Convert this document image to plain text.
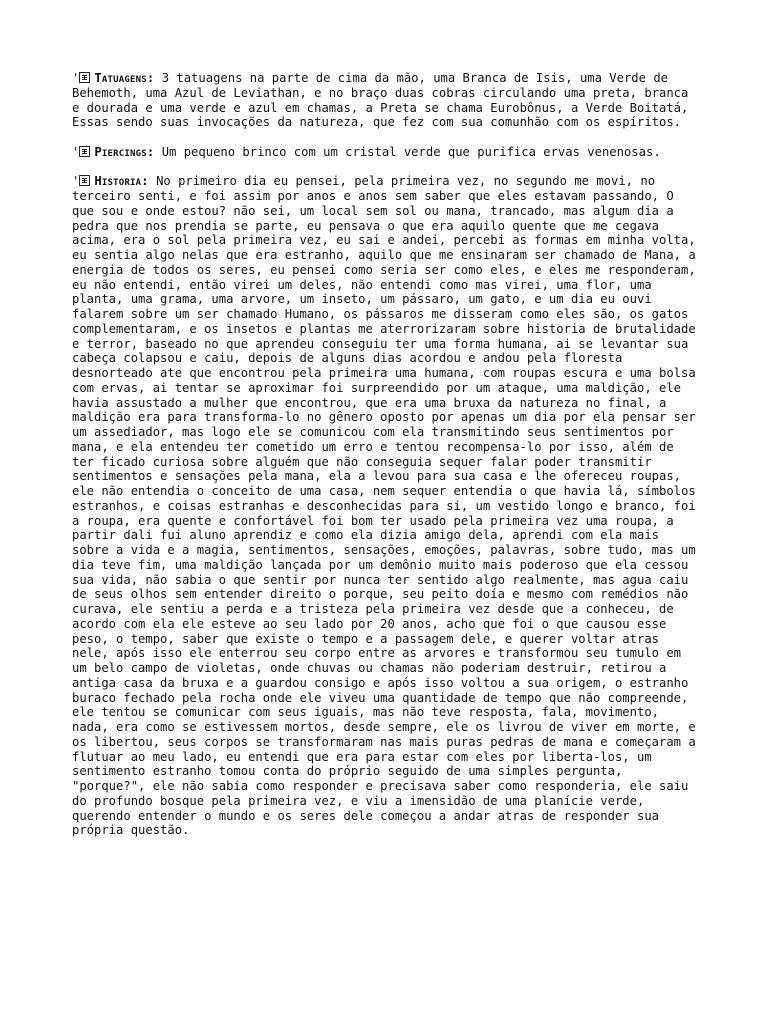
' Tatuagens: 3 tatuagens na parte de cima da mão, uma Branca de Isis, uma Verde de Behemoth, uma Azul de Leviathan, e no braço duas cobras circulando uma preta, branca e dourada e uma verde e azul em chamas, a Preta se chama Eurobônus, a Verde Boitatá, Essas sendo suas invocações da natureza, que fez com sua comunhão com os espíritos.

' Piercings: Um pequeno brinco com um cristal verde que purifica ervas venenosas.

' Historia: No primeiro dia eu pensei, pela primeira vez, no segundo me movi, no terceiro senti, e foi assim por anos e anos sem saber que eles estavam passando, O que sou e onde estou? não sei, um local sem sol ou mana, trancado, mas algum dia a pedra que nos prendia se parte, eu pensava o que era aquilo quente que me cegava acima, era o sol pela primeira vez, eu sai e andei, percebi as formas em minha volta, eu sentia algo nelas que era estranho, aquilo que me ensinaram ser chamado de Mana, a energia de todos os seres, eu pensei como seria ser como eles, e eles me responderam, eu não entendi, então virei um deles, não entendi como mas virei, uma flor, uma planta, uma grama, uma arvore, um inseto, um pássaro, um gato, e um dia eu ouvi falarem sobre um ser chamado Humano, os pássaros me disseram como eles são, os gatos complementaram, e os insetos e plantas me aterrorizaram sobre historia de brutalidade e terror, baseado no que aprendeu conseguiu ter uma forma humana, ai se levantar sua cabeça colapsou e caiu, depois de alguns dias acordou e andou pela floresta desnorteado ate que encontrou pela primeira uma humana, com roupas escura e uma bolsa com ervas, ai tentar se aproximar foi surpreendido por um ataque, uma maldição, ele havia assustado a mulher que encontrou, que era uma bruxa da natureza no final, a maldição era para transforma-lo no gênero oposto por apenas um dia por ela pensar ser um assediador, mas logo ele se comunicou com ela transmitindo seus sentimentos por mana, e ela entendeu ter cometido um erro e tentou recompensa-lo por isso, além de ter ficado curiosa sobre alguém que não conseguia sequer falar poder transmitir sentimentos e sensações pela mana, ela a levou para sua casa e lhe ofereceu roupas, ele não entendia o conceito de uma casa, nem sequer entendia o que havia lá, símbolos estranhos, e coisas estranhas e desconhecidas para si, um vestido longo e branco, foi a roupa, era quente e confortável foi bom ter usado pela primeira vez uma roupa, a partir dali fui aluno aprendiz e como ela dizia amigo dela, aprendi com ela mais sobre a vida e a magia, sentimentos, sensações, emoções, palavras, sobre tudo, mas um dia teve fim, uma maldição lançada por um demônio muito mais poderoso que ela cessou sua vida, não sabia o que sentir por nunca ter sentido algo realmente, mas agua caiu de seus olhos sem entender direito o porque, seu peito doía e mesmo com remédios não curava, ele sentiu a perda e a tristeza pela primeira vez desde que a conheceu, de acordo com ela ele esteve ao seu lado por 20 anos, acho que foi o que causou esse peso, o tempo, saber que existe o tempo e a passagem dele, e querer voltar atras nele, após isso ele enterrou seu corpo entre as arvores e transformou seu tumulo em um belo campo de violetas, onde chuvas ou chamas não poderiam destruir, retirou a antiga casa da bruxa e a guardou consigo e após isso voltou a sua origem, o estranho buraco fechado pela rocha onde ele viveu uma quantidade de tempo que não compreende, ele tentou se comunicar com seus iguais, mas não teve resposta, fala, movimento, nada, era como se estivessem mortos, desde sempre, ele os livrou de viver em morte, e os libertou, seus corpos se transformaram nas mais puras pedras de mana e começaram a flutuar ao meu lado, eu entendi que era para estar com eles por liberta-los, um sentimento estranho tomou conta do próprio seguido de uma simples pergunta, "porque?", ele não sabia como responder e precisava saber como responderia, ele saiu do profundo bosque pela primeira vez, e viu a imensidão de uma planície verde, querendo entender o mundo e os seres dele começou a andar atras de responder sua própria questão.
